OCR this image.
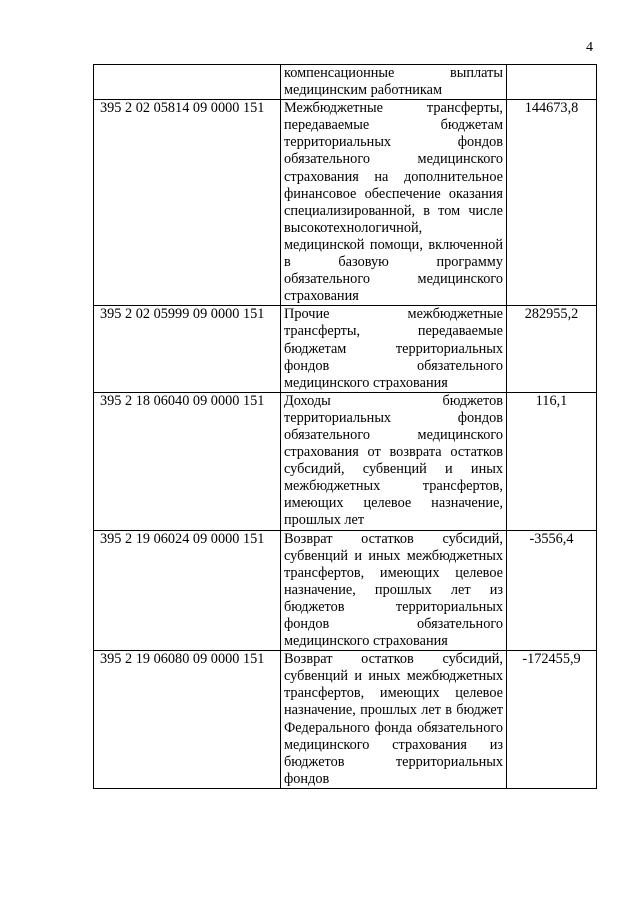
4

	компенсационные выплаты медицинским работникам	

395 2 02 05814 09 0000 151	Межбюджетные трансферты, передаваемые бюджетам территориальных фондов обязательного медицинского страхования на дополнительное финансовое обеспечение оказания специализированной, в том числе высокотехнологичной, медицинской помощи, включенной в базовую программу обязательного медицинского страхования	144673,8
395 2 02 05999 09 0000 151	Прочие межбюджетные трансферты, передаваемые бюджетам территориальных фондов обязательного медицинского страхования	282955,2
395 2 18 06040 09 0000 151	Доходы бюджетов территориальных фондов обязательного медицинского страхования от возврата остатков субсидий, субвенций и иных межбюджетных трансфертов, имеющих целевое назначение, прошлых лет	116,1
395 2 19 06024 09 0000 151	Возврат остатков субсидий, субвенций и иных межбюджетных трансфертов, имеющих целевое назначение, прошлых лет из бюджетов территориальных фондов обязательного медицинского страхования	-3556,4
395 2 19 06080 09 0000 151	Возврат остатков субсидий, субвенций и иных межбюджетных трансфертов, имеющих целевое назначение, прошлых лет в бюджет Федерального фонда обязательного медицинского страхования из бюджетов территориальных фондов	-172455,9
